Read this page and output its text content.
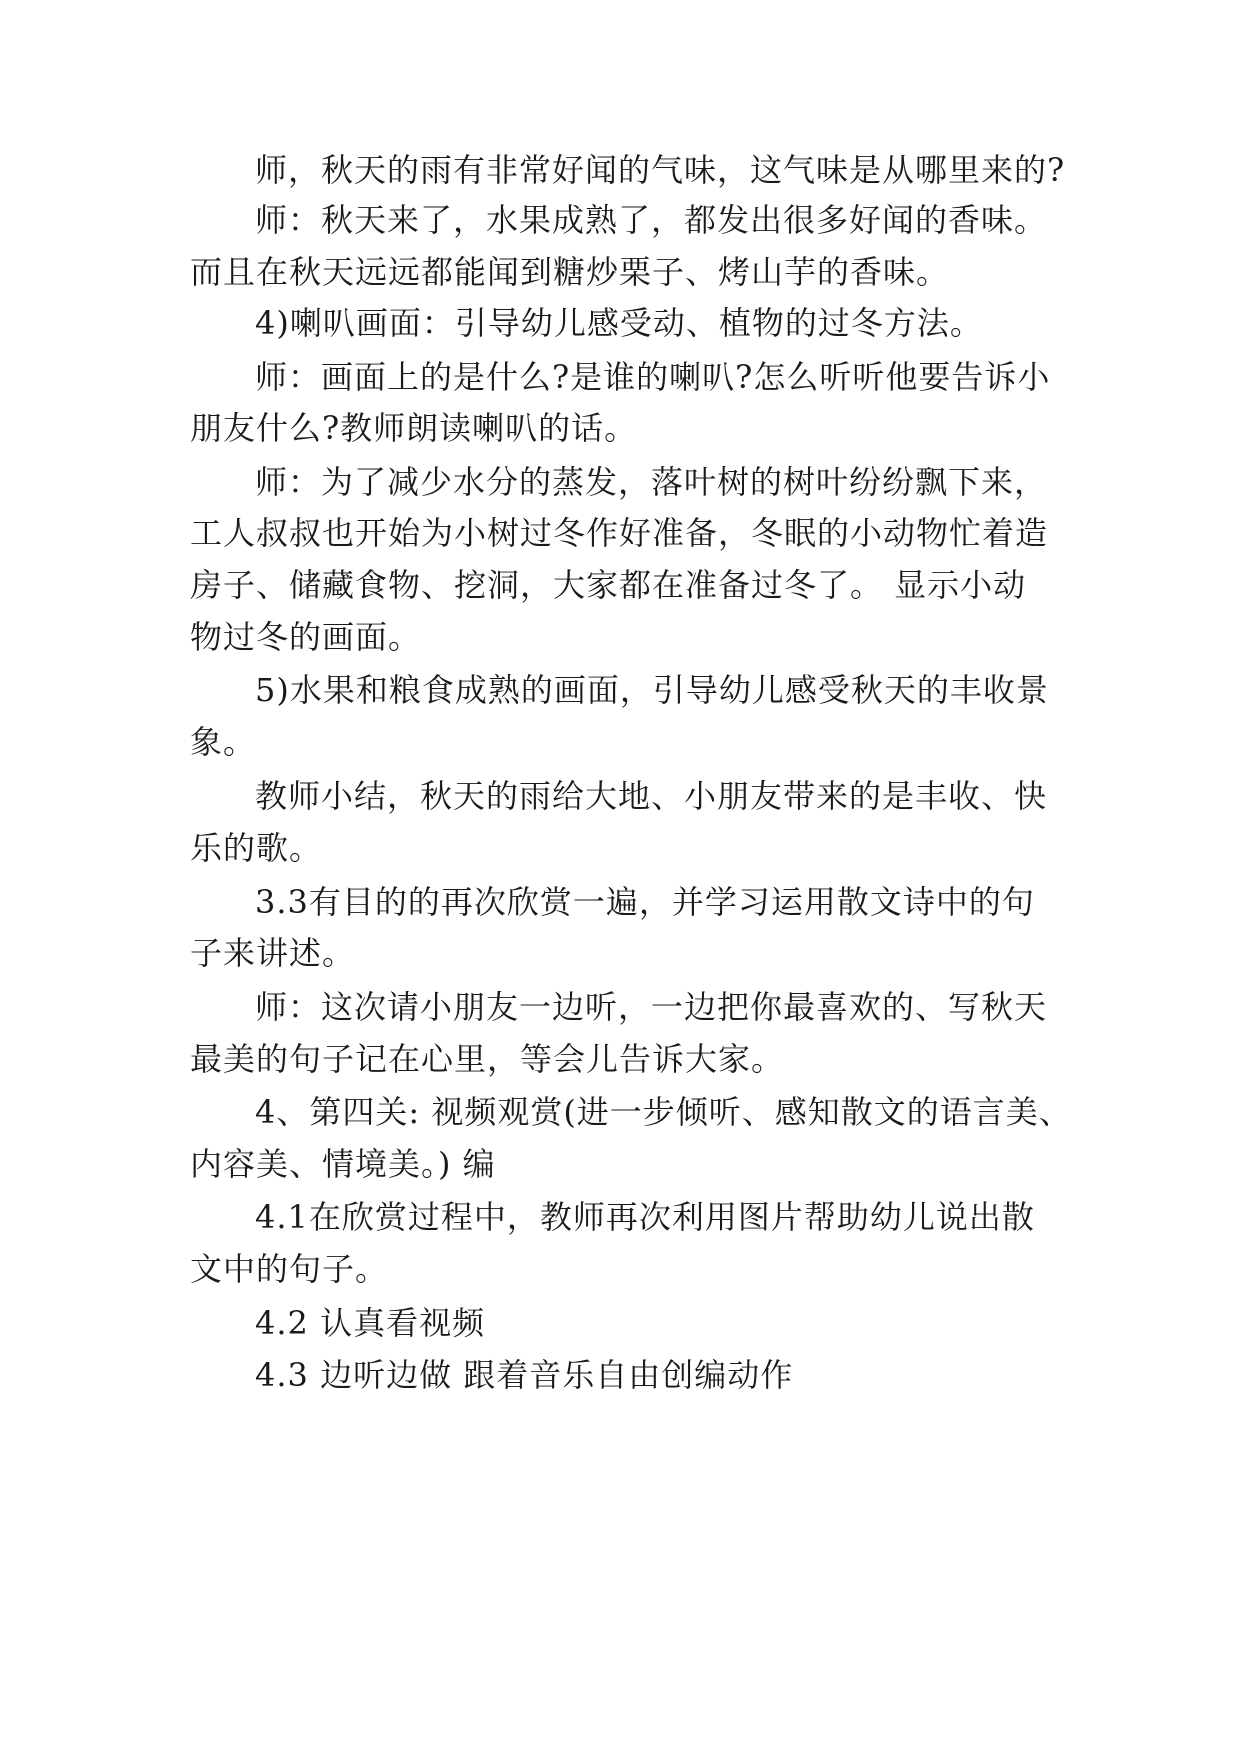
师，秋天的雨有非常好闻的气味，这气味是从哪里来的?
师：秋天来了，水果成熟了，都发出很多好闻的香味。
而且在秋天远远都能闻到糖炒栗子、烤山芋的香味。
4)喇叭画面：引导幼儿感受动、植物的过冬方法。
师：画面上的是什么?是谁的喇叭?怎么听听他要告诉小
朋友什么?教师朗读喇叭的话。
师：为了减少水分的蒸发，落叶树的树叶纷纷飘下来，
工人叔叔也开始为小树过冬作好准备，冬眠的小动物忙着造
房子、储藏食物、挖洞，大家都在准备过冬了。 显示小动
物过冬的画面。
5)水果和粮食成熟的画面，引导幼儿感受秋天的丰收景
象。
教师小结，秋天的雨给大地、小朋友带来的是丰收、快
乐的歌。
3.3有目的的再次欣赏一遍，并学习运用散文诗中的句
子来讲述。
师：这次请小朋友一边听，一边把你最喜欢的、写秋天
最美的句子记在心里，等会儿告诉大家。
4、第四关: 视频观赏(进一步倾听、感知散文的语言美、
内容美、情境美。) 编
4.1在欣赏过程中，教师再次利用图片帮助幼儿说出散
文中的句子。
4.2 认真看视频
4.3 边听边做 跟着音乐自由创编动作
